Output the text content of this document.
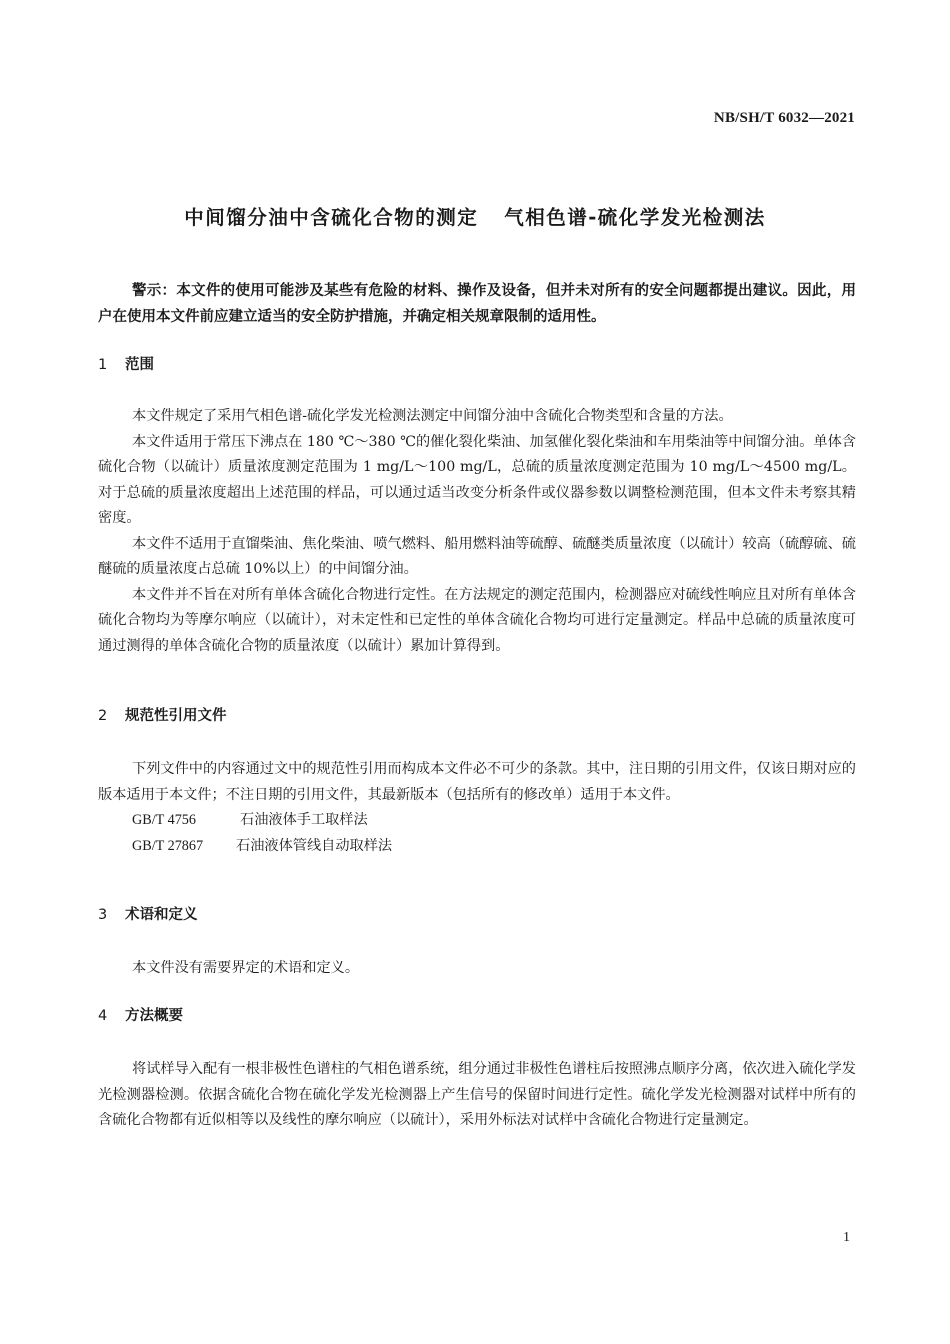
NB/SH/T 6032—2021
中间馏分油中含硫化合物的测定 气相色谱-硫化学发光检测法
警示：本文件的使用可能涉及某些有危险的材料、操作及设备，但并未对所有的安全问题都提出建议。因此，用户在使用本文件前应建立适当的安全防护措施，并确定相关规章限制的适用性。
1 范围

本文件规定了采用气相色谱-硫化学发光检测法测定中间馏分油中含硫化合物类型和含量的方法。

本文件适用于常压下沸点在 180 ℃～380 ℃的催化裂化柴油、加氢催化裂化柴油和车用柴油等中间馏分油。单体含硫化合物（以硫计）质量浓度测定范围为 1 mg/L～100 mg/L，总硫的质量浓度测定范围为 10 mg/L～4500 mg/L。对于总硫的质量浓度超出上述范围的样品，可以通过适当改变分析条件或仪器参数以调整检测范围，但本文件未考察其精密度。

本文件不适用于直馏柴油、焦化柴油、喷气燃料、船用燃料油等硫醇、硫醚类质量浓度（以硫计）较高（硫醇硫、硫醚硫的质量浓度占总硫 10%以上）的中间馏分油。

本文件并不旨在对所有单体含硫化合物进行定性。在方法规定的测定范围内，检测器应对硫线性响应且对所有单体含硫化合物均为等摩尔响应（以硫计），对未定性和已定性的单体含硫化合物均可进行定量测定。样品中总硫的质量浓度可通过测得的单体含硫化合物的质量浓度（以硫计）累加计算得到。

2 规范性引用文件

下列文件中的内容通过文中的规范性引用而构成本文件必不可少的条款。其中，注日期的引用文件，仅该日期对应的版本适用于本文件；不注日期的引用文件，其最新版本（包括所有的修改单）适用于本文件。

GB/T 4756	石油液体手工取样法
GB/T 27867 石油液体管线自动取样法
3 术语和定义

本文件没有需要界定的术语和定义。

4 方法概要

将试样导入配有一根非极性色谱柱的气相色谱系统，组分通过非极性色谱柱后按照沸点顺序分离，依次进入硫化学发光检测器检测。依据含硫化合物在硫化学发光检测器上产生信号的保留时间进行定性。硫化学发光检测器对试样中所有的含硫化合物都有近似相等以及线性的摩尔响应（以硫计），采用外标法对试样中含硫化合物进行定量测定。

1
